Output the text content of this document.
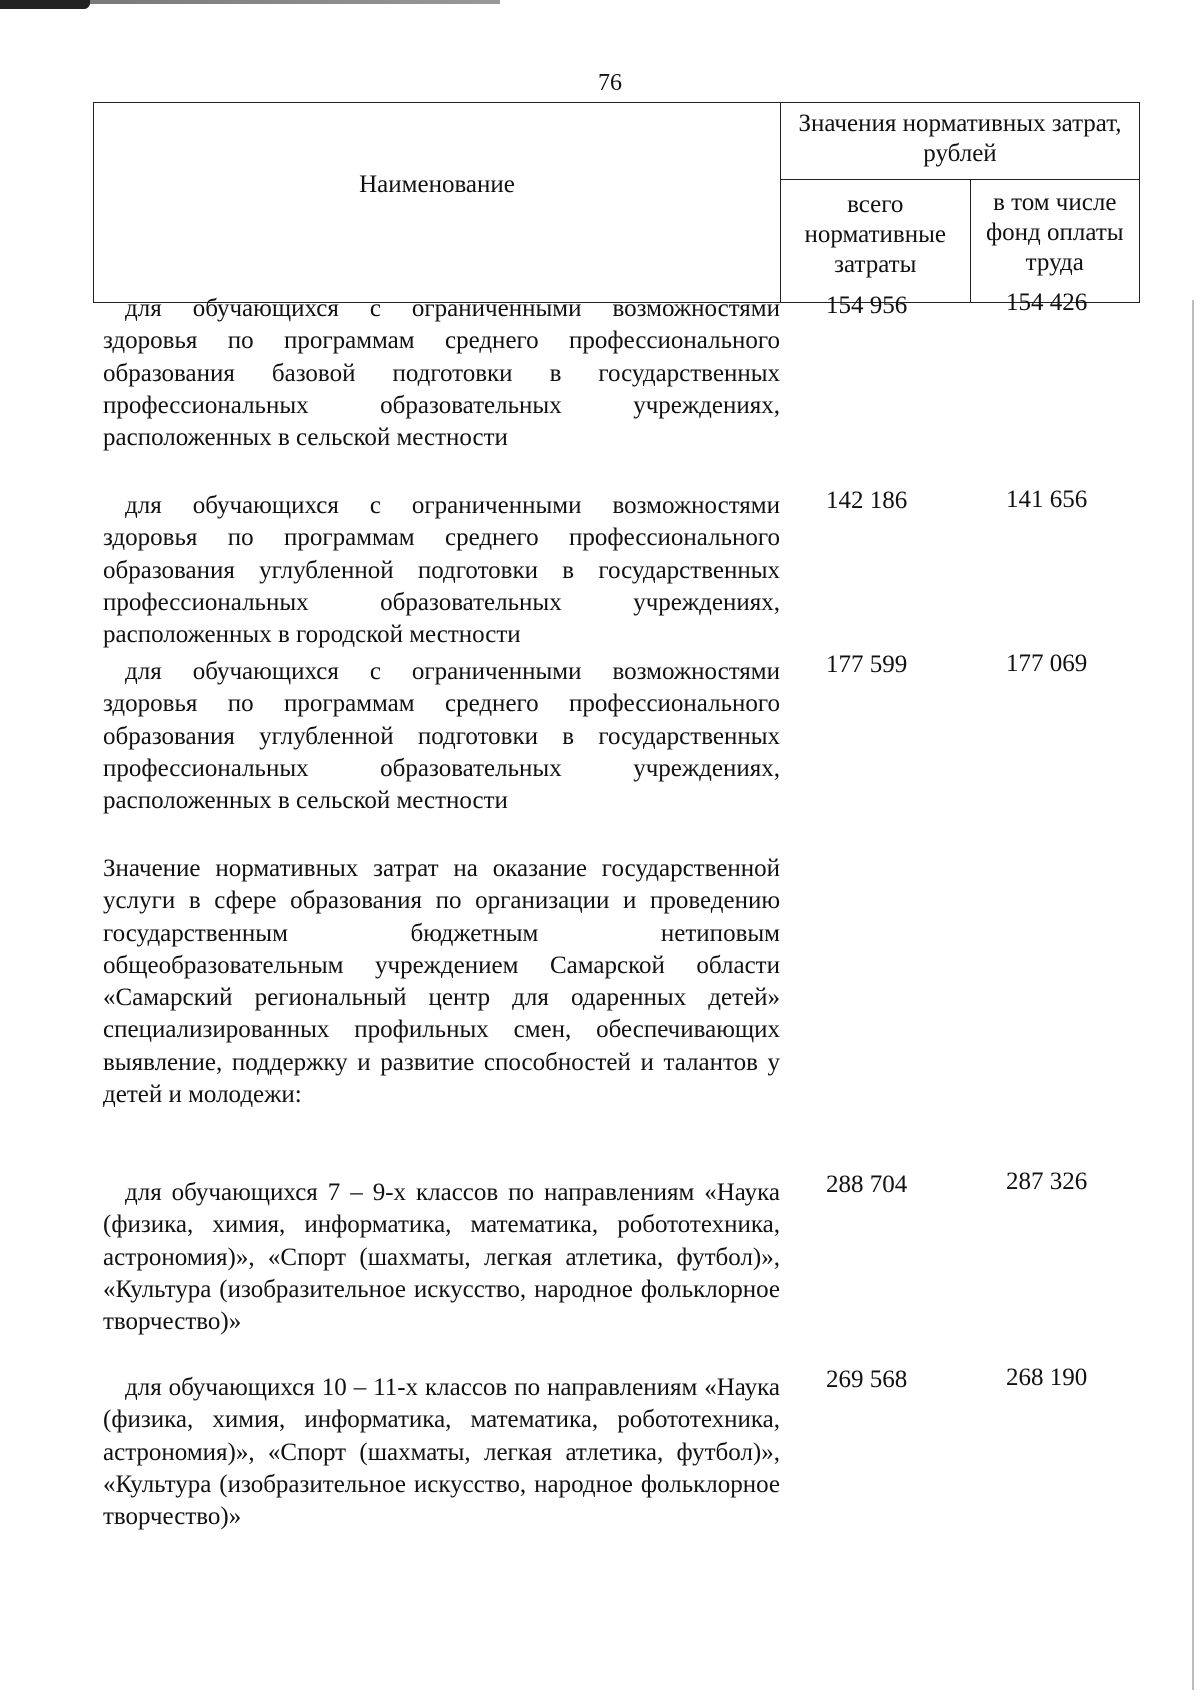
76
Наименование	Значения нормативных затрат, рублей	

	всего нормативные затраты	в том числе фонд оплаты труда
для обучающихся с ограниченными возможностями здоровья по программам среднего профессионального образования базовой подготовки в государственных профессиональных образовательных учреждениях, расположенных в сельской местности
154 956	154 426
для обучающихся с ограниченными возможностями здоровья по программам среднего профессионального образования углубленной подготовки в государственных профессиональных образовательных учреждениях, расположенных в городской местности
142 186	141 656
для обучающихся с ограниченными возможностями здоровья по программам среднего профессионального образования углубленной подготовки в государственных профессиональных образовательных учреждениях, расположенных в сельской местности
177 599	177 069
Значение нормативных затрат на оказание государственной услуги в сфере образования по организации и проведению государственным бюджетным нетиповым общеобразовательным учреждением Самарской области «Самарский региональный центр для одаренных детей» специализированных профильных смен, обеспечивающих выявление, поддержку и развитие способностей и талантов у детей и молодежи:
для обучающихся 7 – 9-х классов по направлениям «Наука (физика, химия, информатика, математика, робототехника, астрономия)», «Спорт (шахматы, легкая атлетика, футбол)», «Культура (изобразительное искусство, народное фольклорное творчество)»
288 704	287 326
для обучающихся 10 – 11-х классов по направлениям «Наука (физика, химия, информатика, математика, робототехника, астрономия)», «Спорт (шахматы, легкая атлетика, футбол)», «Культура (изобразительное искусство, народное фольклорное творчество)»
269 568	268 190
